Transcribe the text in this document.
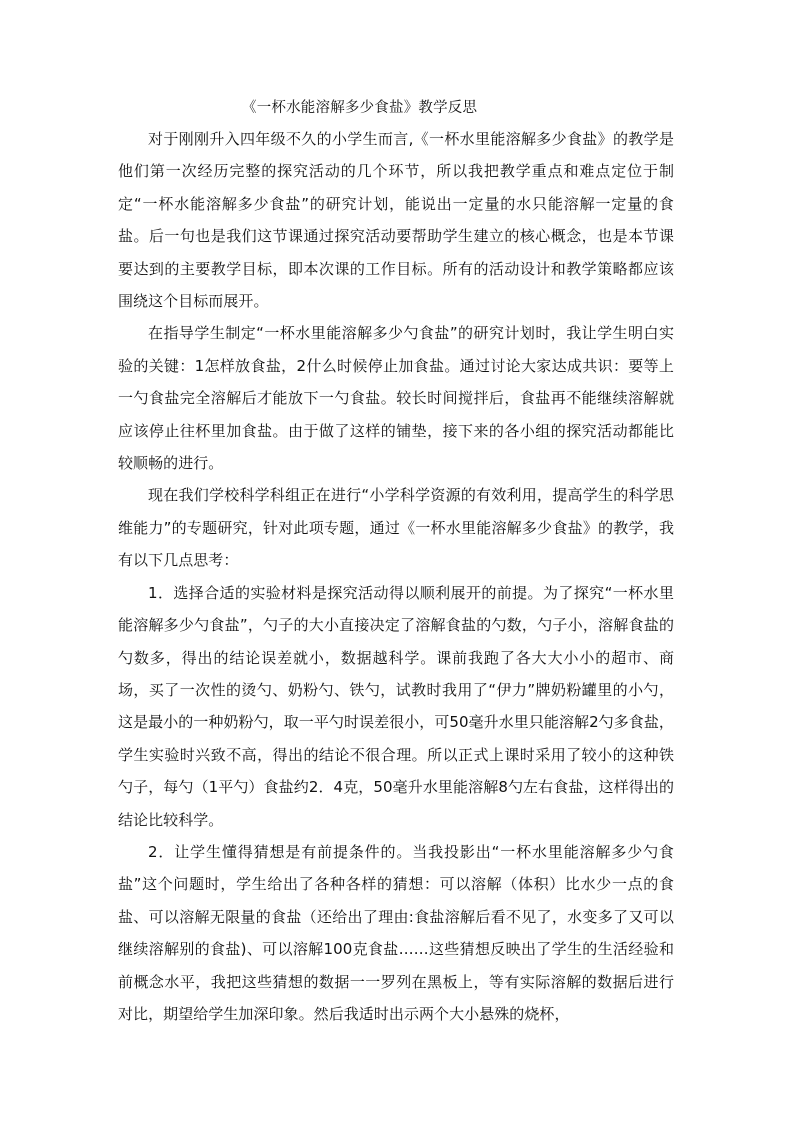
《一杯水能溶解多少食盐》教学反思

对于刚刚升入四年级不久的小学生而言,《一杯水里能溶解多少食盐》的教学是他们第一次经历完整的探究活动的几个环节，所以我把教学重点和难点定位于制定“一杯水能溶解多少食盐”的研究计划，能说出一定量的水只能溶解一定量的食盐。后一句也是我们这节课通过探究活动要帮助学生建立的核心概念，也是本节课要达到的主要教学目标，即本次课的工作目标。所有的活动设计和教学策略都应该围绕这个目标而展开。

在指导学生制定“一杯水里能溶解多少勺食盐”的研究计划时，我让学生明白实验的关键：1怎样放食盐，2什么时候停止加食盐。通过讨论大家达成共识：要等上一勺食盐完全溶解后才能放下一勺食盐。较长时间搅拌后，食盐再不能继续溶解就应该停止往杯里加食盐。由于做了这样的铺垫，接下来的各小组的探究活动都能比较顺畅的进行。

现在我们学校科学科组正在进行“小学科学资源的有效利用，提高学生的科学思维能力”的专题研究，针对此项专题，通过《一杯水里能溶解多少食盐》的教学，我有以下几点思考：

1．选择合适的实验材料是探究活动得以顺利展开的前提。为了探究“一杯水里能溶解多少勺食盐”，勺子的大小直接决定了溶解食盐的勺数，勺子小，溶解食盐的勺数多，得出的结论误差就小，数据越科学。课前我跑了各大大小小的超市、商场，买了一次性的烫勺、奶粉勺、铁勺，试教时我用了“伊力”牌奶粉罐里的小勺，这是最小的一种奶粉勺，取一平勺时误差很小，可50毫升水里只能溶解2勺多食盐，学生实验时兴致不高，得出的结论不很合理。所以正式上课时采用了较小的这种铁勺子，每勺（1平勺）食盐约2．4克，50毫升水里能溶解8勺左右食盐，这样得出的结论比较科学。

2．让学生懂得猜想是有前提条件的。当我投影出“一杯水里能溶解多少勺食盐”这个问题时，学生给出了各种各样的猜想：可以溶解（体积）比水少一点的食盐、可以溶解无限量的食盐（还给出了理由:食盐溶解后看不见了，水变多了又可以继续溶解别的食盐)、可以溶解100克食盐……这些猜想反映出了学生的生活经验和前概念水平，我把这些猜想的数据一一罗列在黑板上，等有实际溶解的数据后进行对比，期望给学生加深印象。然后我适时出示两个大小悬殊的烧杯，
